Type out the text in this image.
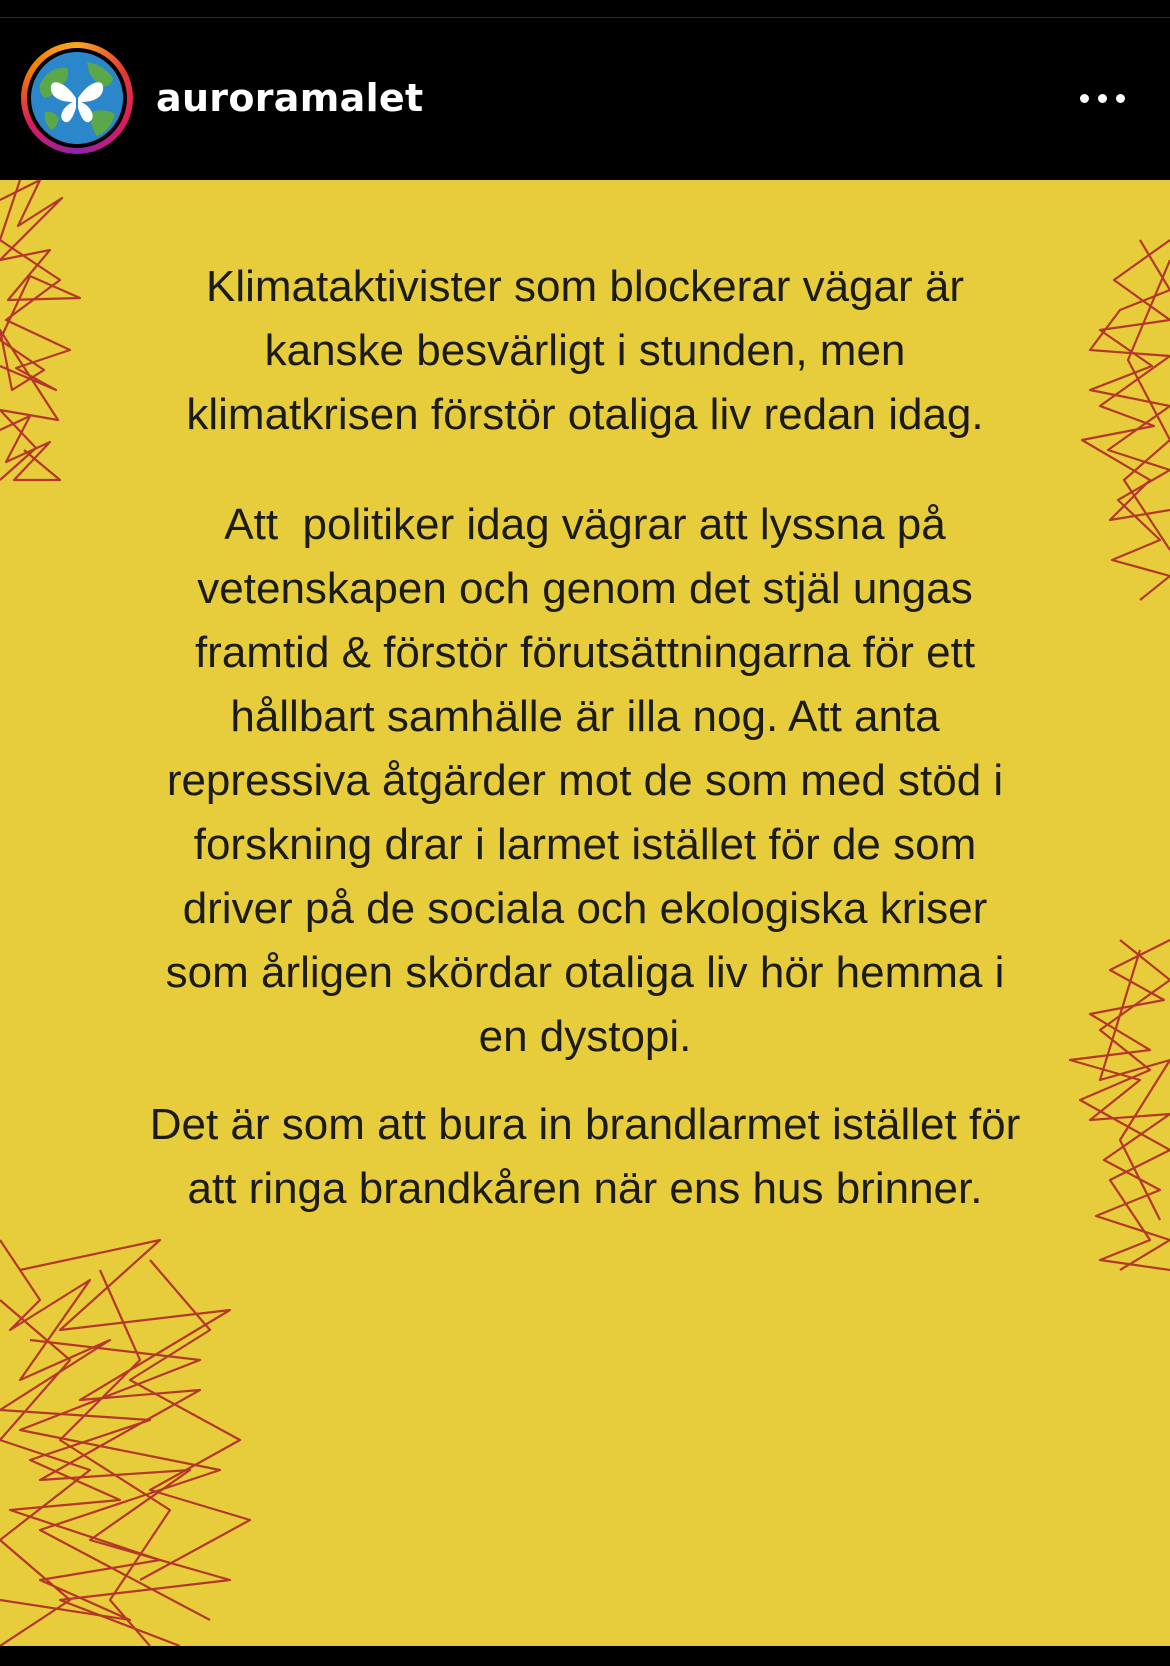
auroramalet
Klimataktivister som blockerar vägar är
kanske besvärligt i stunden, men
klimatkrisen förstör otaliga liv redan idag.
Att  politiker idag vägrar att lyssna på
vetenskapen och genom det stjäl ungas
framtid & förstör förutsättningarna för ett
hållbart samhälle är illa nog. Att anta
repressiva åtgärder mot de som med stöd i
forskning drar i larmet istället för de som
driver på de sociala och ekologiska kriser
som årligen skördar otaliga liv hör hemma i
en dystopi.
Det är som att bura in brandlarmet istället för
att ringa brandkåren när ens hus brinner.
